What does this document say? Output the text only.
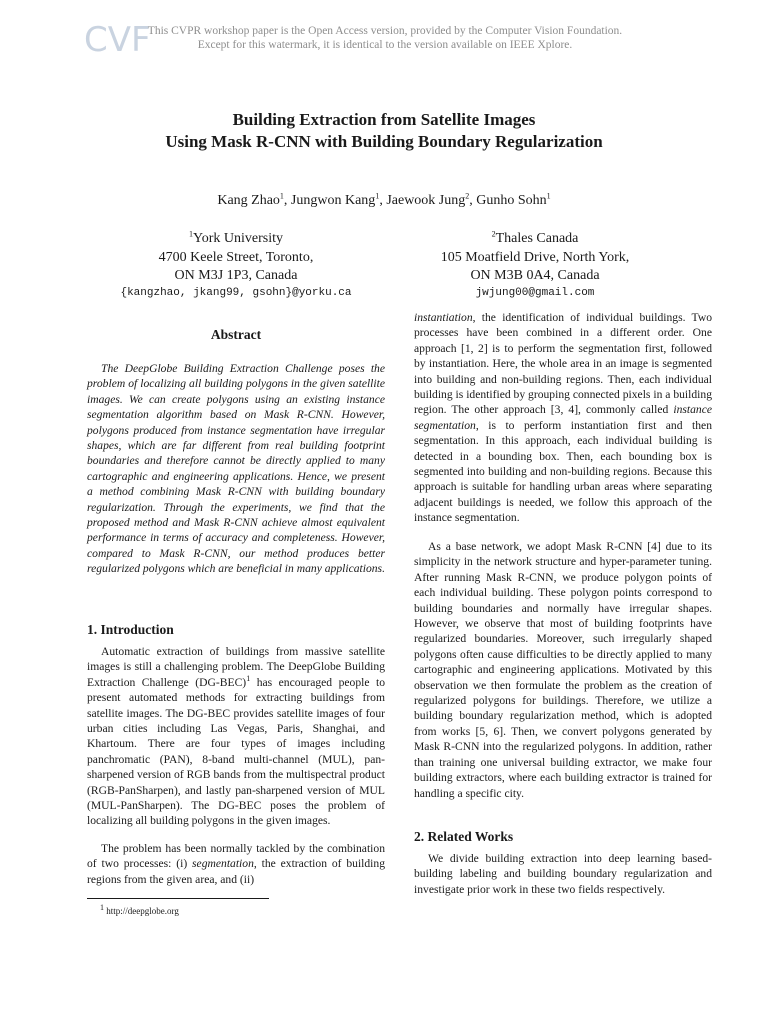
CVF
This CVPR workshop paper is the Open Access version, provided by the Computer Vision Foundation.
Except for this watermark, it is identical to the version available on IEEE Xplore.
Building Extraction from Satellite Images
Using Mask R-CNN with Building Boundary Regularization
Kang Zhao$^1$, Jungwon Kang$^1$, Jaewook Jung$^2$, Gunho Sohn$^1$
$^1$York University
4700 Keele Street, Toronto,
ON M3J 1P3, Canada
{kangzhao, jkang99, gsohn}@yorku.ca
$^2$Thales Canada
105 Moatfield Drive, North York,
ON M3B 0A4, Canada
jwjung00@gmail.com
Abstract

The DeepGlobe Building Extraction Challenge poses the problem of localizing all building polygons in the given satellite images. We can create polygons using an existing instance segmentation algorithm based on Mask R-CNN. However, polygons produced from instance segmentation have irregular shapes, which are far different from real building footprint boundaries and therefore cannot be directly applied to many cartographic and engineering applications. Hence, we present a method combining Mask R-CNN with building boundary regularization. Through the experiments, we find that the proposed method and Mask R-CNN achieve almost equivalent performance in terms of accuracy and completeness. However, compared to Mask R-CNN, our method produces better regularized polygons which are beneficial in many applications.

1. Introduction

Automatic extraction of buildings from massive satellite images is still a challenging problem. The DeepGlobe Building Extraction Challenge $(DG-BEC)^1$ has encouraged people to present automated methods for extracting buildings from satellite images. The DG-BEC provides satellite images of four urban cities including Las Vegas, Paris, Shanghai, and Khartoum. There are four types of images including panchromatic (PAN), 8-band multi-channel (MUL), pan-sharpened version of RGB bands from the multispectral product (RGB-PanSharpen), and lastly pan-sharpened version of MUL (MUL-PanSharpen). The DG-BEC poses the problem of localizing all building polygons in the given images.

The problem has been normally tackled by the combination of two processes: (i) segmentation, the extraction of building regions from the given area, and (ii)

$^1$ http://deepglobe.org

instantiation, the identification of individual buildings. Two processes have been combined in a different order. One approach [1, 2] is to perform the segmentation first, followed by instantiation. Here, the whole area in an image is segmented into building and non-building regions. Then, each individual building is identified by grouping connected pixels in a building region. The other approach [3, 4], commonly called instance segmentation, is to perform instantiation first and then segmentation. In this approach, each individual building is detected in a bounding box. Then, each bounding box is segmented into building and non-building regions. Because this approach is suitable for handling urban areas where separating adjacent buildings is needed, we follow this approach of the instance segmentation.

As a base network, we adopt Mask R-CNN [4] due to its simplicity in the network structure and hyper-parameter tuning. After running Mask R-CNN, we produce polygon points of each individual building. These polygon points correspond to building boundaries and normally have irregular shapes. However, we observe that most of building footprints have regularized boundaries. Moreover, such irregularly shaped polygons often cause difficulties to be directly applied to many cartographic and engineering applications. Motivated by this observation we then formulate the problem as the creation of regularized polygons for buildings. Therefore, we utilize a building boundary regularization method, which is adopted from works [5, 6]. Then, we convert polygons generated by Mask R-CNN into the regularized polygons. In addition, rather than training one universal building extractor, we make four building extractors, where each building extractor is trained for handling a specific city.

2. Related Works

We divide building extraction into deep learning based-building labeling and building boundary regularization and investigate prior work in these two fields respectively.
